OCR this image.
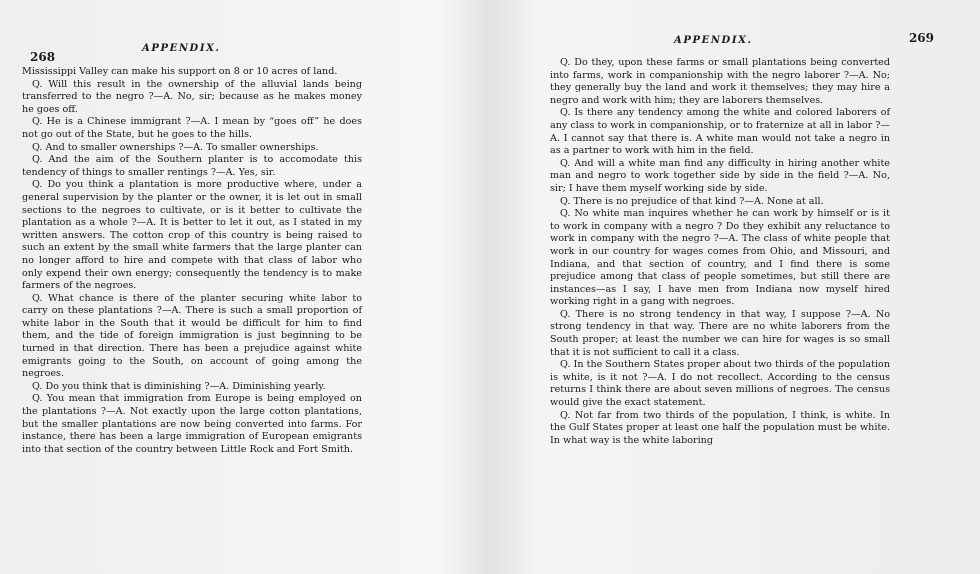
268
APPENDIX.

Mississippi Valley can make his support on 8 or 10 acres of land.

Q. Will this result in the ownership of the alluvial lands being transferred to the negro ?—A. No, sir; because as he makes money he goes off.

Q. He is a Chinese immigrant ?—A. I mean by “goes off” he does not go out of the State, but he goes to the hills.

Q. And to smaller ownerships ?—A. To smaller ownerships.

Q. And the aim of the Southern planter is to accomodate this tendency of things to smaller rentings ?—A. Yes, sir.

Q. Do you think a plantation is more productive where, under a general supervision by the planter or the owner, it is let out in small sections to the negroes to cultivate, or is it better to cultivate the plantation as a whole ?—A. It is better to let it out, as I stated in my written answers. The cotton crop of this country is being raised to such an extent by the small white farmers that the large planter can no longer afford to hire and compete with that class of labor who only expend their own energy; consequently the tendency is to make farmers of the negroes.

Q. What chance is there of the planter securing white labor to carry on these plantations ?—A. There is such a small proportion of white labor in the South that it would be difficult for him to find them, and the tide of foreign immigration is just beginning to be turned in that direction. There has been a prejudice against white emigrants going to the South, on account of going among the negroes.

Q. Do you think that is diminishing ?—A. Diminishing yearly.

Q. You mean that immigration from Europe is being employed on the plantations ?—A. Not exactly upon the large cotton plantations, but the smaller plantations are now being converted into farms. For instance, there has been a large immigration of European emigrants into that section of the country between Little Rock and Fort Smith.

APPENDIX.	269

Q. Do they, upon these farms or small plantations being converted into farms, work in companionship with the negro laborer ?—A. No; they generally buy the land and work it themselves; they may hire a negro and work with him; they are laborers themselves.

Q. Is there any tendency among the white and colored laborers of any class to work in companionship, or to fraternize at all in labor ?—A. I cannot say that there is. A white man would not take a negro in as a partner to work with him in the field.

Q. And will a white man find any difficulty in hiring another white man and negro to work together side by side in the field ?—A. No, sir; I have them myself working side by side.

Q. There is no prejudice of that kind ?—A. None at all.

Q. No white man inquires whether he can work by himself or is it to work in company with a negro ? Do they exhibit any reluctance to work in company with the negro ?—A. The class of white people that work in our country for wages comes from Ohio, and Missouri, and Indiana, and that section of country, and I find there is some prejudice among that class of people sometimes, but still there are instances—as I say, I have men from Indiana now myself hired working right in a gang with negroes.

Q. There is no strong tendency in that way, I suppose ?—A. No strong tendency in that way. There are no white laborers from the South proper; at least the number we can hire for wages is so small that it is not sufficient to call it a class.

Q. In the Southern States proper about two thirds of the population is white, is it not ?—A. I do not recollect. According to the census returns I think there are about seven millions of negroes. The census would give the exact statement.

Q. Not far from two thirds of the population, I think, is white. In the Gulf States proper at least one half the population must be white. In what way is the white laboring
